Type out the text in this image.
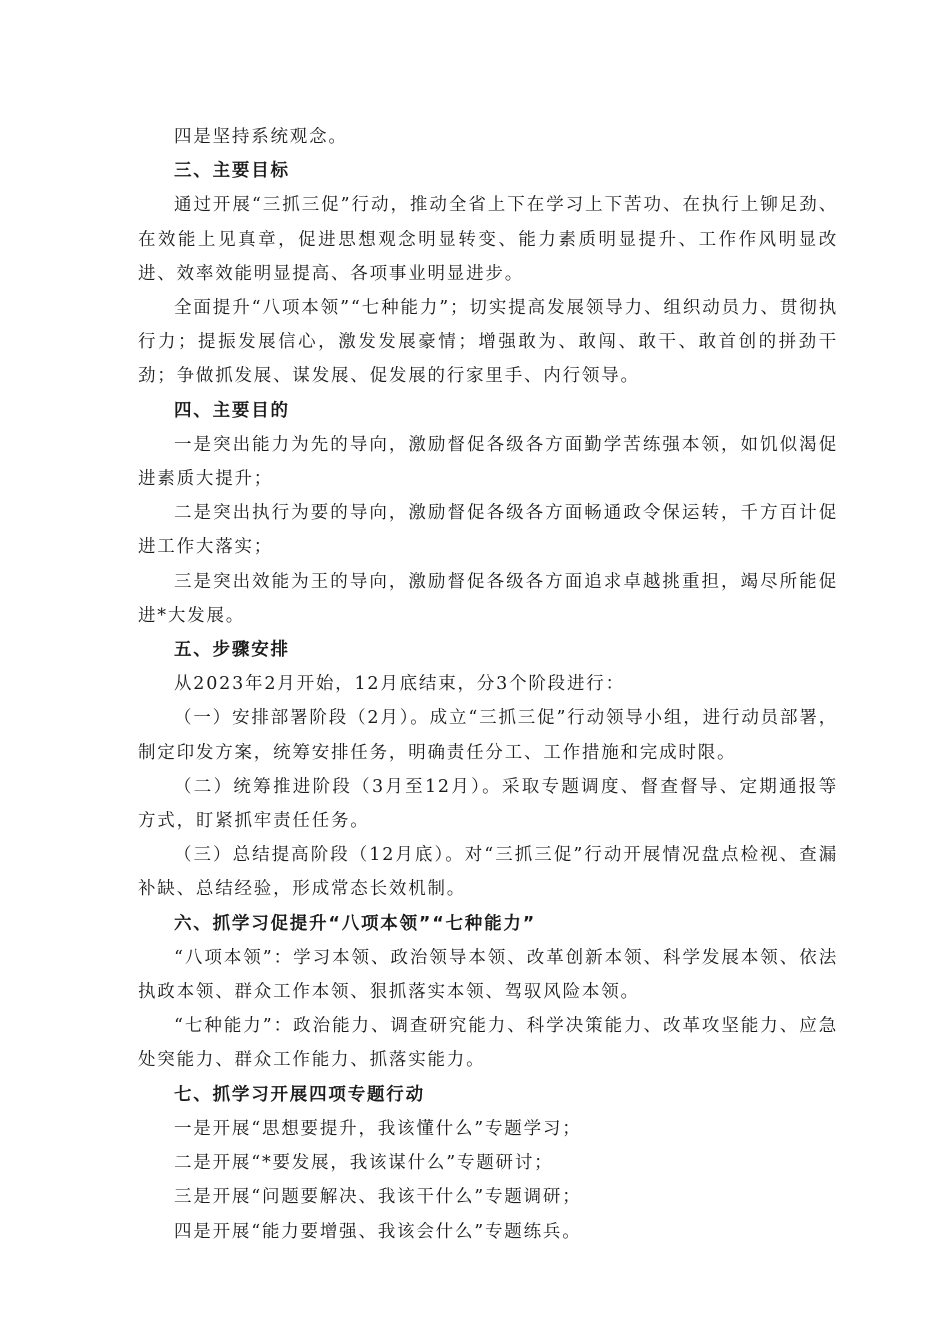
四是坚持系统观念。

三、主要目标

通过开展“三抓三促”行动，推动全省上下在学习上下苦功、在执行上铆足劲、在效能上见真章，促进思想观念明显转变、能力素质明显提升、工作作风明显改进、效率效能明显提高、各项事业明显进步。

全面提升“八项本领”“七种能力”；切实提高发展领导力、组织动员力、贯彻执行力；提振发展信心，激发发展豪情；增强敢为、敢闯、敢干、敢首创的拼劲干劲；争做抓发展、谋发展、促发展的行家里手、内行领导。

四、主要目的

一是突出能力为先的导向，激励督促各级各方面勤学苦练强本领，如饥似渴促进素质大提升；

二是突出执行为要的导向，激励督促各级各方面畅通政令保运转，千方百计促进工作大落实；

三是突出效能为王的导向，激励督促各级各方面追求卓越挑重担，竭尽所能促进*大发展。

五、步骤安排

从2023年2月开始，12月底结束，分3个阶段进行：

（一）安排部署阶段（2月）。成立“三抓三促”行动领导小组，进行动员部署，制定印发方案，统筹安排任务，明确责任分工、工作措施和完成时限。

（二）统筹推进阶段（3月至12月）。采取专题调度、督查督导、定期通报等方式，盯紧抓牢责任任务。

（三）总结提高阶段（12月底）。对“三抓三促”行动开展情况盘点检视、查漏补缺、总结经验，形成常态长效机制。

六、抓学习促提升“八项本领”“七种能力”

“八项本领”：学习本领、政治领导本领、改革创新本领、科学发展本领、依法执政本领、群众工作本领、狠抓落实本领、驾驭风险本领。

“七种能力”：政治能力、调查研究能力、科学决策能力、改革攻坚能力、应急处突能力、群众工作能力、抓落实能力。

七、抓学习开展四项专题行动

一是开展“思想要提升，我该懂什么”专题学习；

二是开展“*要发展，我该谋什么”专题研讨；

三是开展“问题要解决、我该干什么”专题调研；

四是开展“能力要增强、我该会什么”专题练兵。
